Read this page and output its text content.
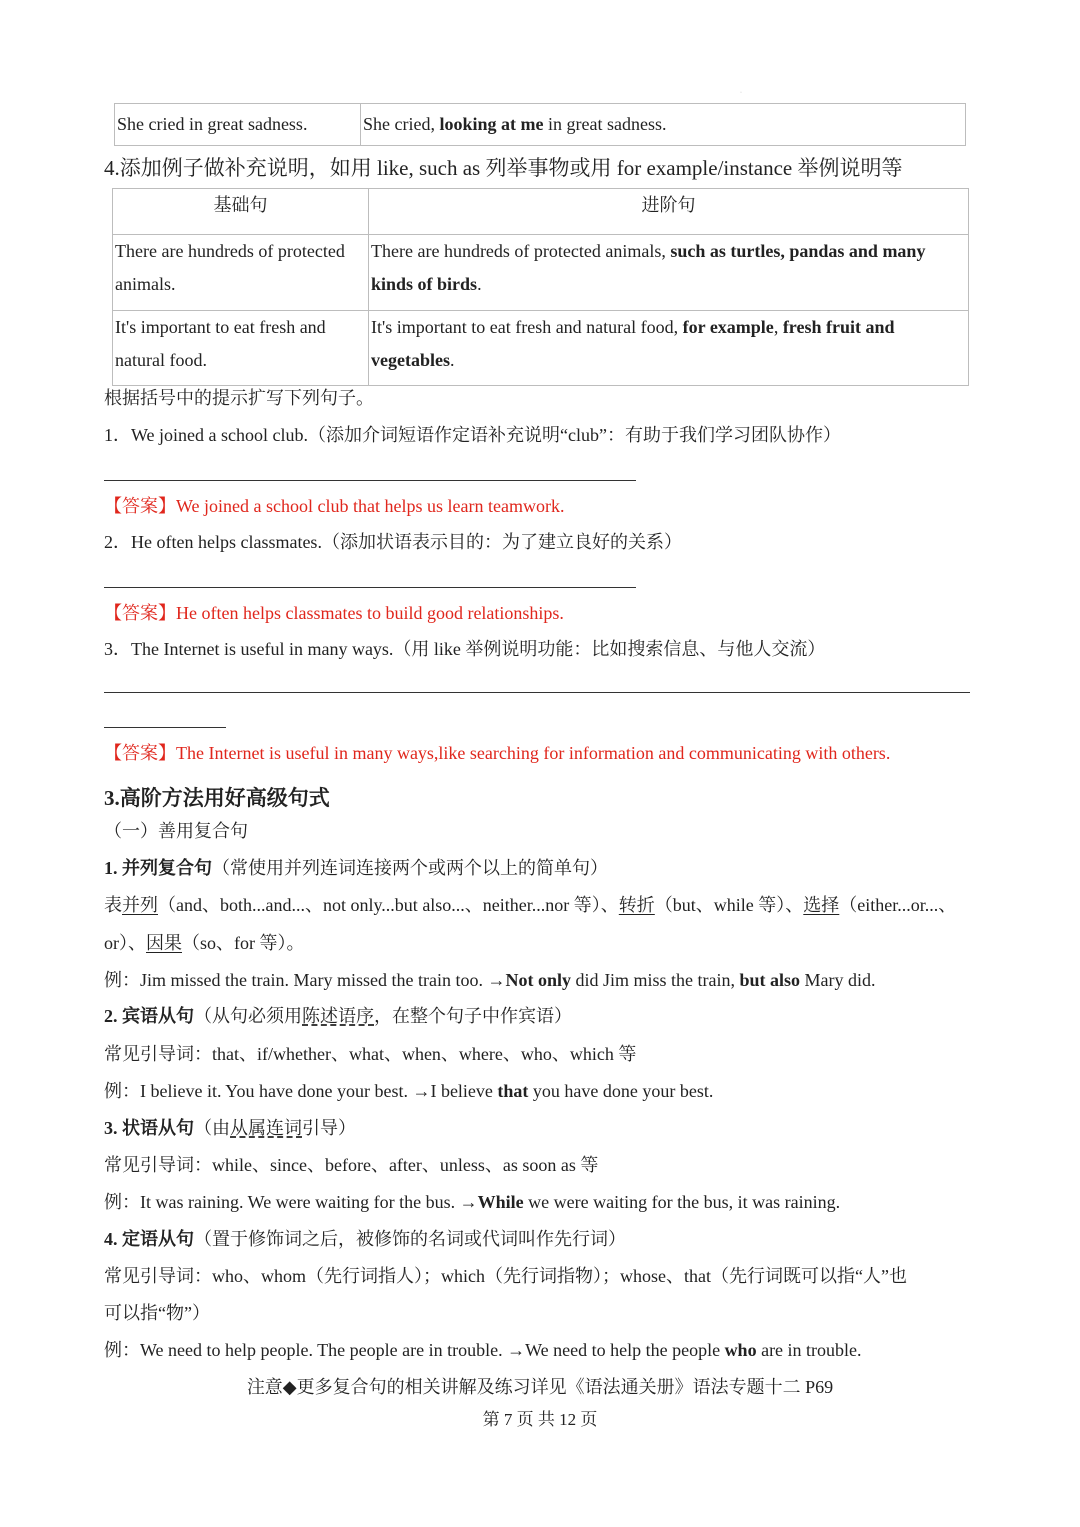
·
She cried in great sadness.	She cried, looking at me in great sadness.
4.添加例子做补充说明，如用 like, such as 列举事物或用 for example/instance 举例说明等
基础句	进阶句
There are hundreds of protected animals.	There are hundreds of protected animals, such as turtles, pandas and many kinds of birds.
It's important to eat fresh and natural food.	It's important to eat fresh and natural food, for example, fresh fruit and vegetables.
根据括号中的提示扩写下列句子。
1．We joined a school club.（添加介词短语作定语补充说明“club”：有助于我们学习团队协作）
【答案】We joined a school club that helps us learn teamwork.
2．He often helps classmates.（添加状语表示目的：为了建立良好的关系）
【答案】He often helps classmates to build good relationships.
3．The Internet is useful in many ways.（用 like 举例说明功能：比如搜索信息、与他人交流）
【答案】The Internet is useful in many ways,like searching for information and communicating with others.
3.高阶方法用好高级句式
（一）善用复合句
1. 并列复合句（常使用并列连词连接两个或两个以上的简单句）
表并列（and、both...and...、not only...but also...、neither...nor 等）、转折（but、while 等）、选择（either...or...、
or）、因果（so、for 等）。
例：Jim missed the train. Mary missed the train too. →Not only did Jim miss the train, but also Mary did.
2. 宾语从句（从句必须用陈述语序，在整个句子中作宾语）
常见引导词：that、if/whether、what、when、where、who、which 等
例：I believe it. You have done your best. →I believe that you have done your best.
3. 状语从句（由从属连词引导）
常见引导词：while、since、before、after、unless、as soon as 等
例：It was raining. We were waiting for the bus. →While we were waiting for the bus, it was raining.
4. 定语从句（置于修饰词之后，被修饰的名词或代词叫作先行词）
常见引导词：who、whom（先行词指人）；which（先行词指物）；whose、that（先行词既可以指“人”也
可以指“物”）
例：We need to help people. The people are in trouble. →We need to help the people who are in trouble.
注意◆更多复合句的相关讲解及练习详见《语法通关册》语法专题十二 P69
第 7 页 共 12 页
